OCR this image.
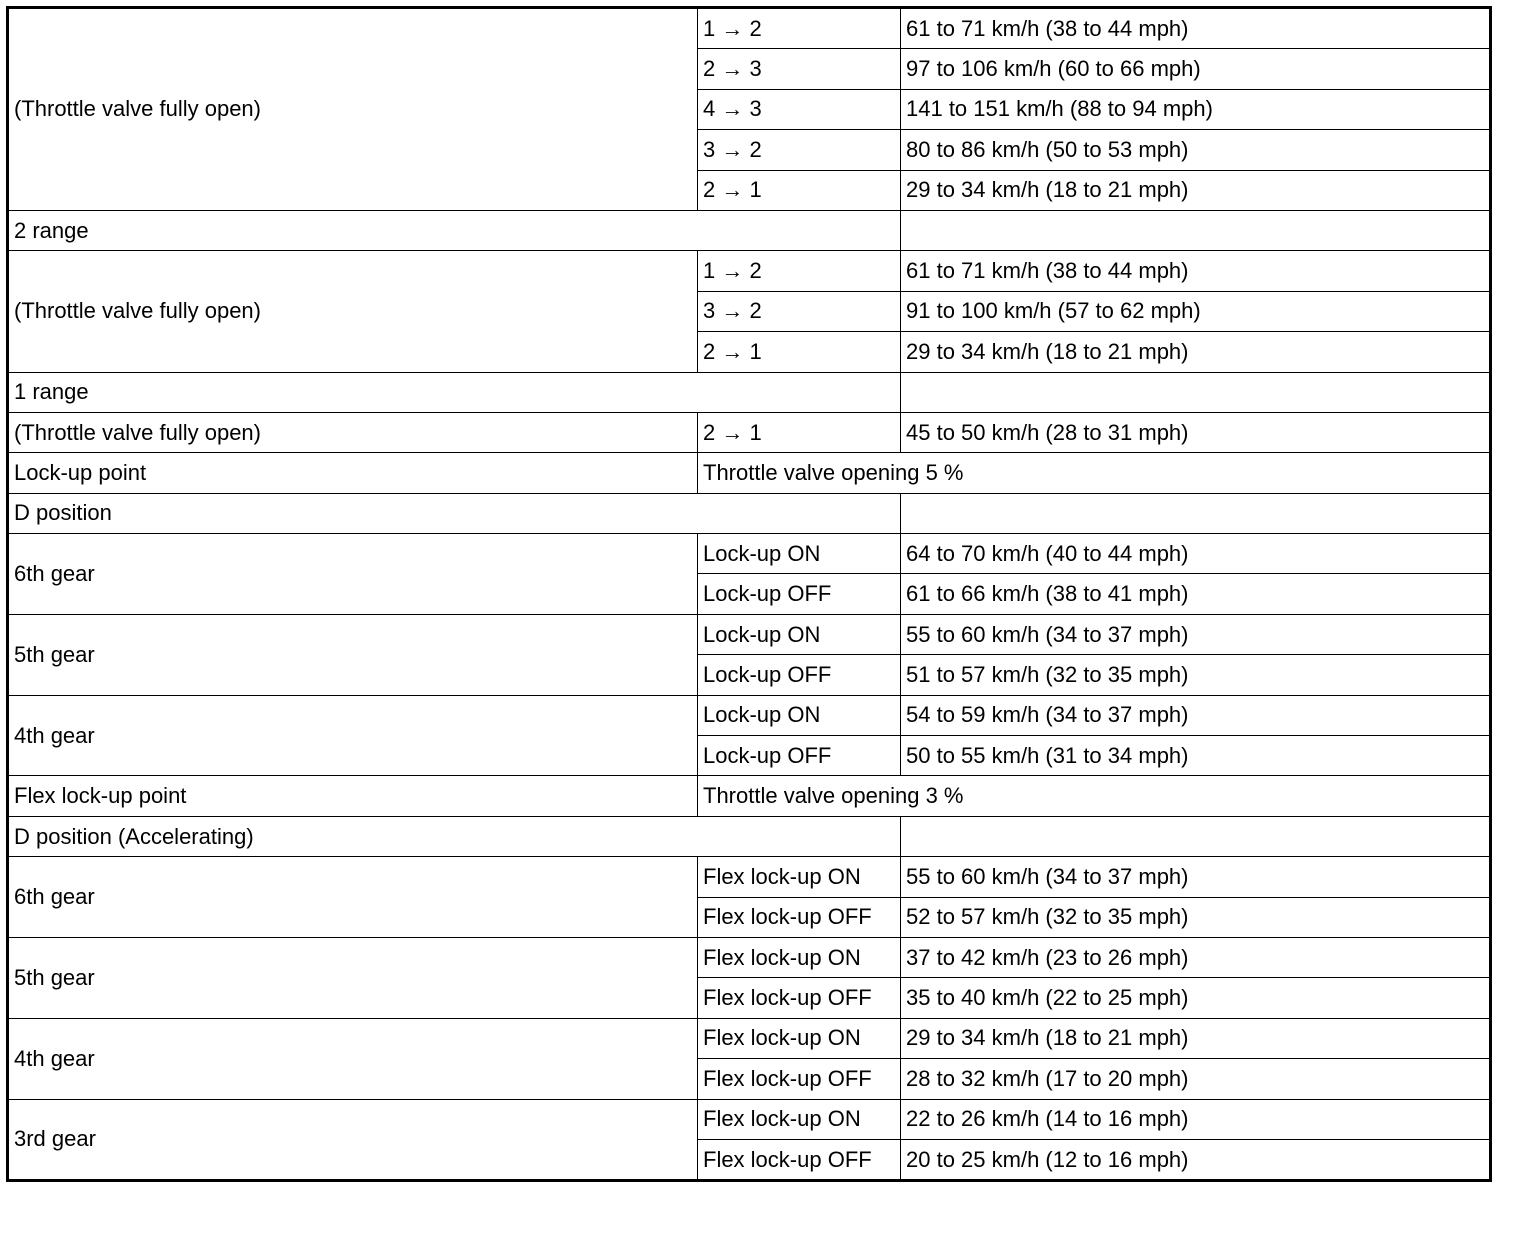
(Throttle valve fully open)	1 → 2	61 to 71 km/h (38 to 44 mph)
	2 → 3	97 to 106 km/h (60 to 66 mph)
	4 → 3	141 to 151 km/h (88 to 94 mph)
	3 → 2	80 to 86 km/h (50 to 53 mph)
	2 → 1	29 to 34 km/h (18 to 21 mph)
2 range		
(Throttle valve fully open)	1 → 2	61 to 71 km/h (38 to 44 mph)
	3 → 2	91 to 100 km/h (57 to 62 mph)
	2 → 1	29 to 34 km/h (18 to 21 mph)
1 range		
(Throttle valve fully open)	2 → 1	45 to 50 km/h (28 to 31 mph)
Lock-up point	Throttle valve opening 5 %	
D position		
6th gear	Lock-up ON	64 to 70 km/h (40 to 44 mph)
	Lock-up OFF	61 to 66 km/h (38 to 41 mph)
5th gear	Lock-up ON	55 to 60 km/h (34 to 37 mph)
	Lock-up OFF	51 to 57 km/h (32 to 35 mph)
4th gear	Lock-up ON	54 to 59 km/h (34 to 37 mph)
	Lock-up OFF	50 to 55 km/h (31 to 34 mph)
Flex lock-up point	Throttle valve opening 3 %	
D position (Accelerating)		
6th gear	Flex lock-up ON	55 to 60 km/h (34 to 37 mph)
	Flex lock-up OFF	52 to 57 km/h (32 to 35 mph)
5th gear	Flex lock-up ON	37 to 42 km/h (23 to 26 mph)
	Flex lock-up OFF	35 to 40 km/h (22 to 25 mph)
4th gear	Flex lock-up ON	29 to 34 km/h (18 to 21 mph)
	Flex lock-up OFF	28 to 32 km/h (17 to 20 mph)
3rd gear	Flex lock-up ON	22 to 26 km/h (14 to 16 mph)
	Flex lock-up OFF	20 to 25 km/h (12 to 16 mph)
